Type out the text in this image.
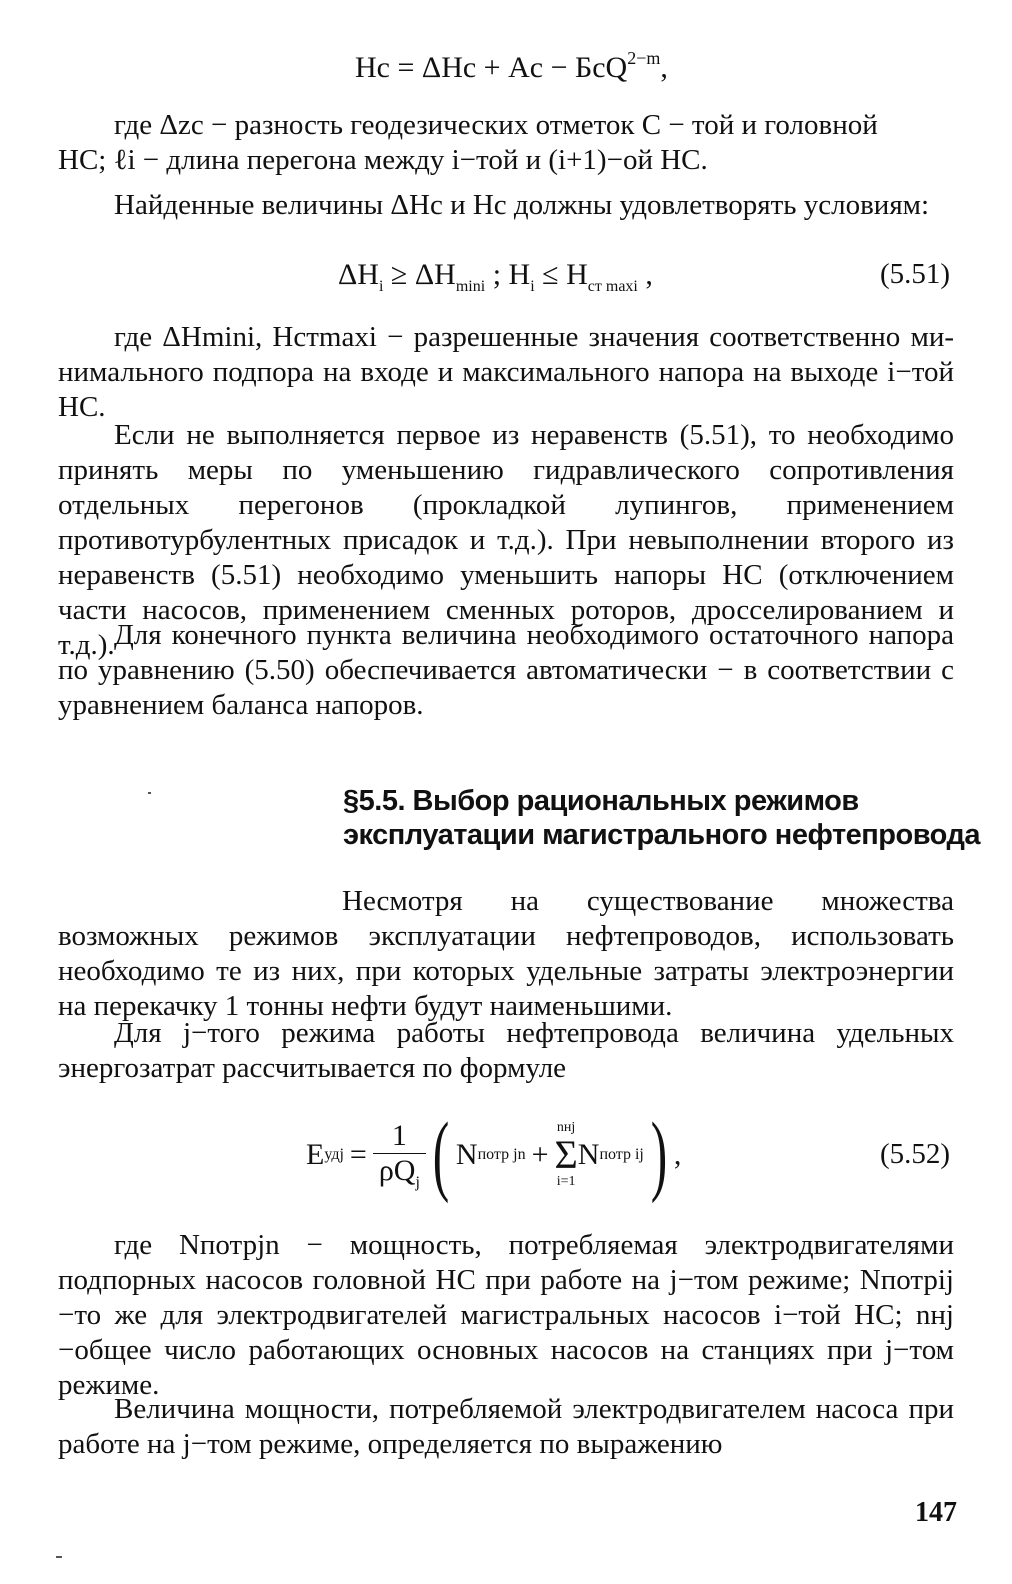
Hс = ΔHс + Aс − БсQ$^{2-m}$,
где Δzс − разность геодезических отметок С − той и головной
НС; ℓi − длина перегона между i−той и (i+1)−ой НС.
Найденные величины ΔHс и Hс должны удовлетворять условиям:
$\Delta H_i \ge \Delta H_{mini}$ ; $H_i \le H_{ст maxi}$ ,	(5.51)
где ΔHmini, Hстmaxi − разрешенные значения соответственно ми- нимального подпора на входе и максимального напора на выходе i−той НС.
Если не выполняется первое из неравенств (5.51), то необходимо принять меры по уменьшению гидравлического сопротивления отдельных перегонов (прокладкой лупингов, применением противотурбулентных присадок и т.д.). При невыполнении второго из неравенств (5.51) необходимо уменьшить напоры НС (отключением части насосов, применением сменных роторов, дросселированием и т.д.). Для конечного пункта величина необходимого остаточного напора по уравнению (5.50) обеспечивается автоматически − в соответствии с уравнением баланса напоров.
§5.5. Выбор рациональных режимов
эксплуатации магистрального нефтепровода
Несмотря на существование множества возможных режимов эксплуатации нефтепроводов, использовать необходимо те из них, при которых удельные затраты электроэнергии на перекачку 1 тонны нефти будут наименьшими.
Для j−того режима работы нефтепровода величина удельных энергозатрат рассчитывается по формуле
E удj = $\frac{1}{\rho Q_j}$ ( N потр jn +
nнj
Σ
i=1
N потр ij ) ,	(5.52)
где Nпотрjn − мощность, потребляемая электродвигателями подпорных насосов головной НС при работе на j−том режиме; Nпотрij −то же для электродвигателей магистральных насосов i−той НС; nнj −общее число работающих основных насосов на станциях при j−том режиме.
Величина мощности, потребляемой электродвигателем насоса при работе на j−том режиме, определяется по выражению
147
